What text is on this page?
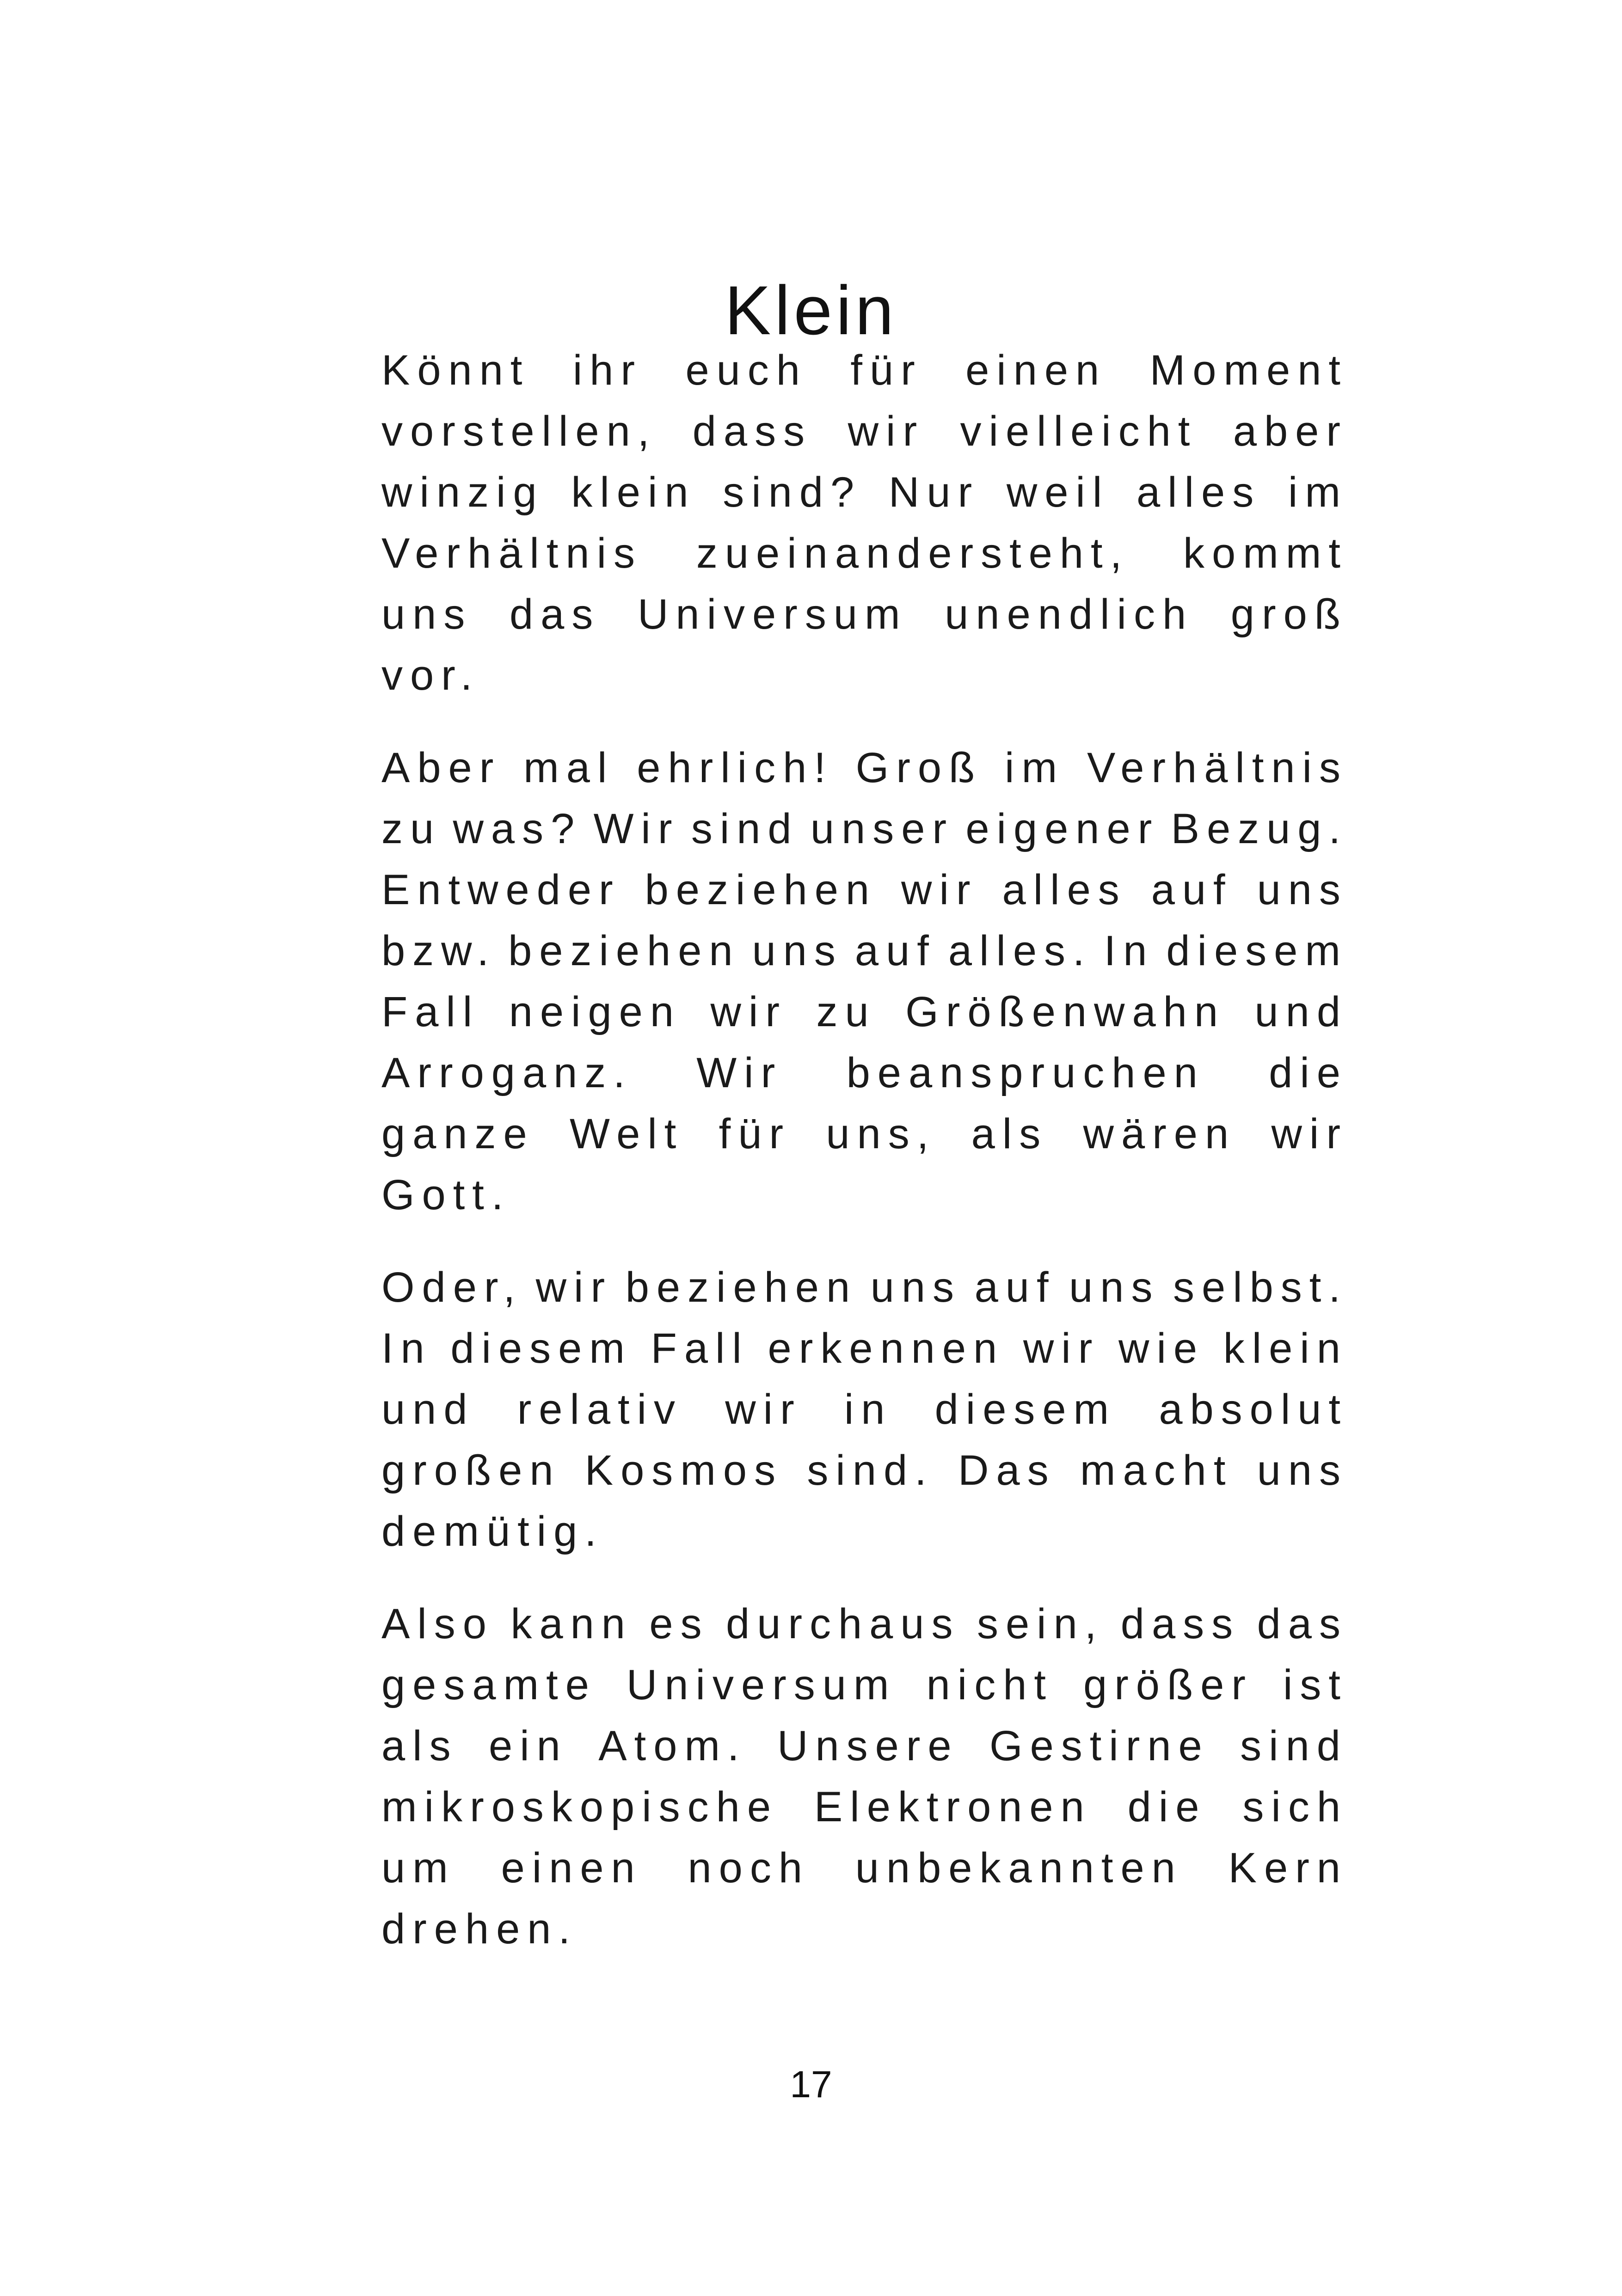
Klein
Könnt ihr euch für einen Moment
vorstellen, dass wir vielleicht aber
winzig klein sind? Nur weil alles im
Verhältnis zueinandersteht, kommt
uns das Universum unendlich groß
vor.
Aber mal ehrlich! Groß im Verhältnis
zu was? Wir sind unser eigener Bezug.
Entweder beziehen wir alles auf uns
bzw. beziehen uns auf alles. In diesem
Fall neigen wir zu Größenwahn und
Arroganz. Wir beanspruchen die
ganze Welt für uns, als wären wir
Gott.
Oder, wir beziehen uns auf uns selbst.
In diesem Fall erkennen wir wie klein
und relativ wir in diesem absolut
großen Kosmos sind. Das macht uns
demütig.
Also kann es durchaus sein, dass das
gesamte Universum nicht größer ist
als ein Atom. Unsere Gestirne sind
mikroskopische Elektronen die sich
um einen noch unbekannten Kern
drehen.
17
